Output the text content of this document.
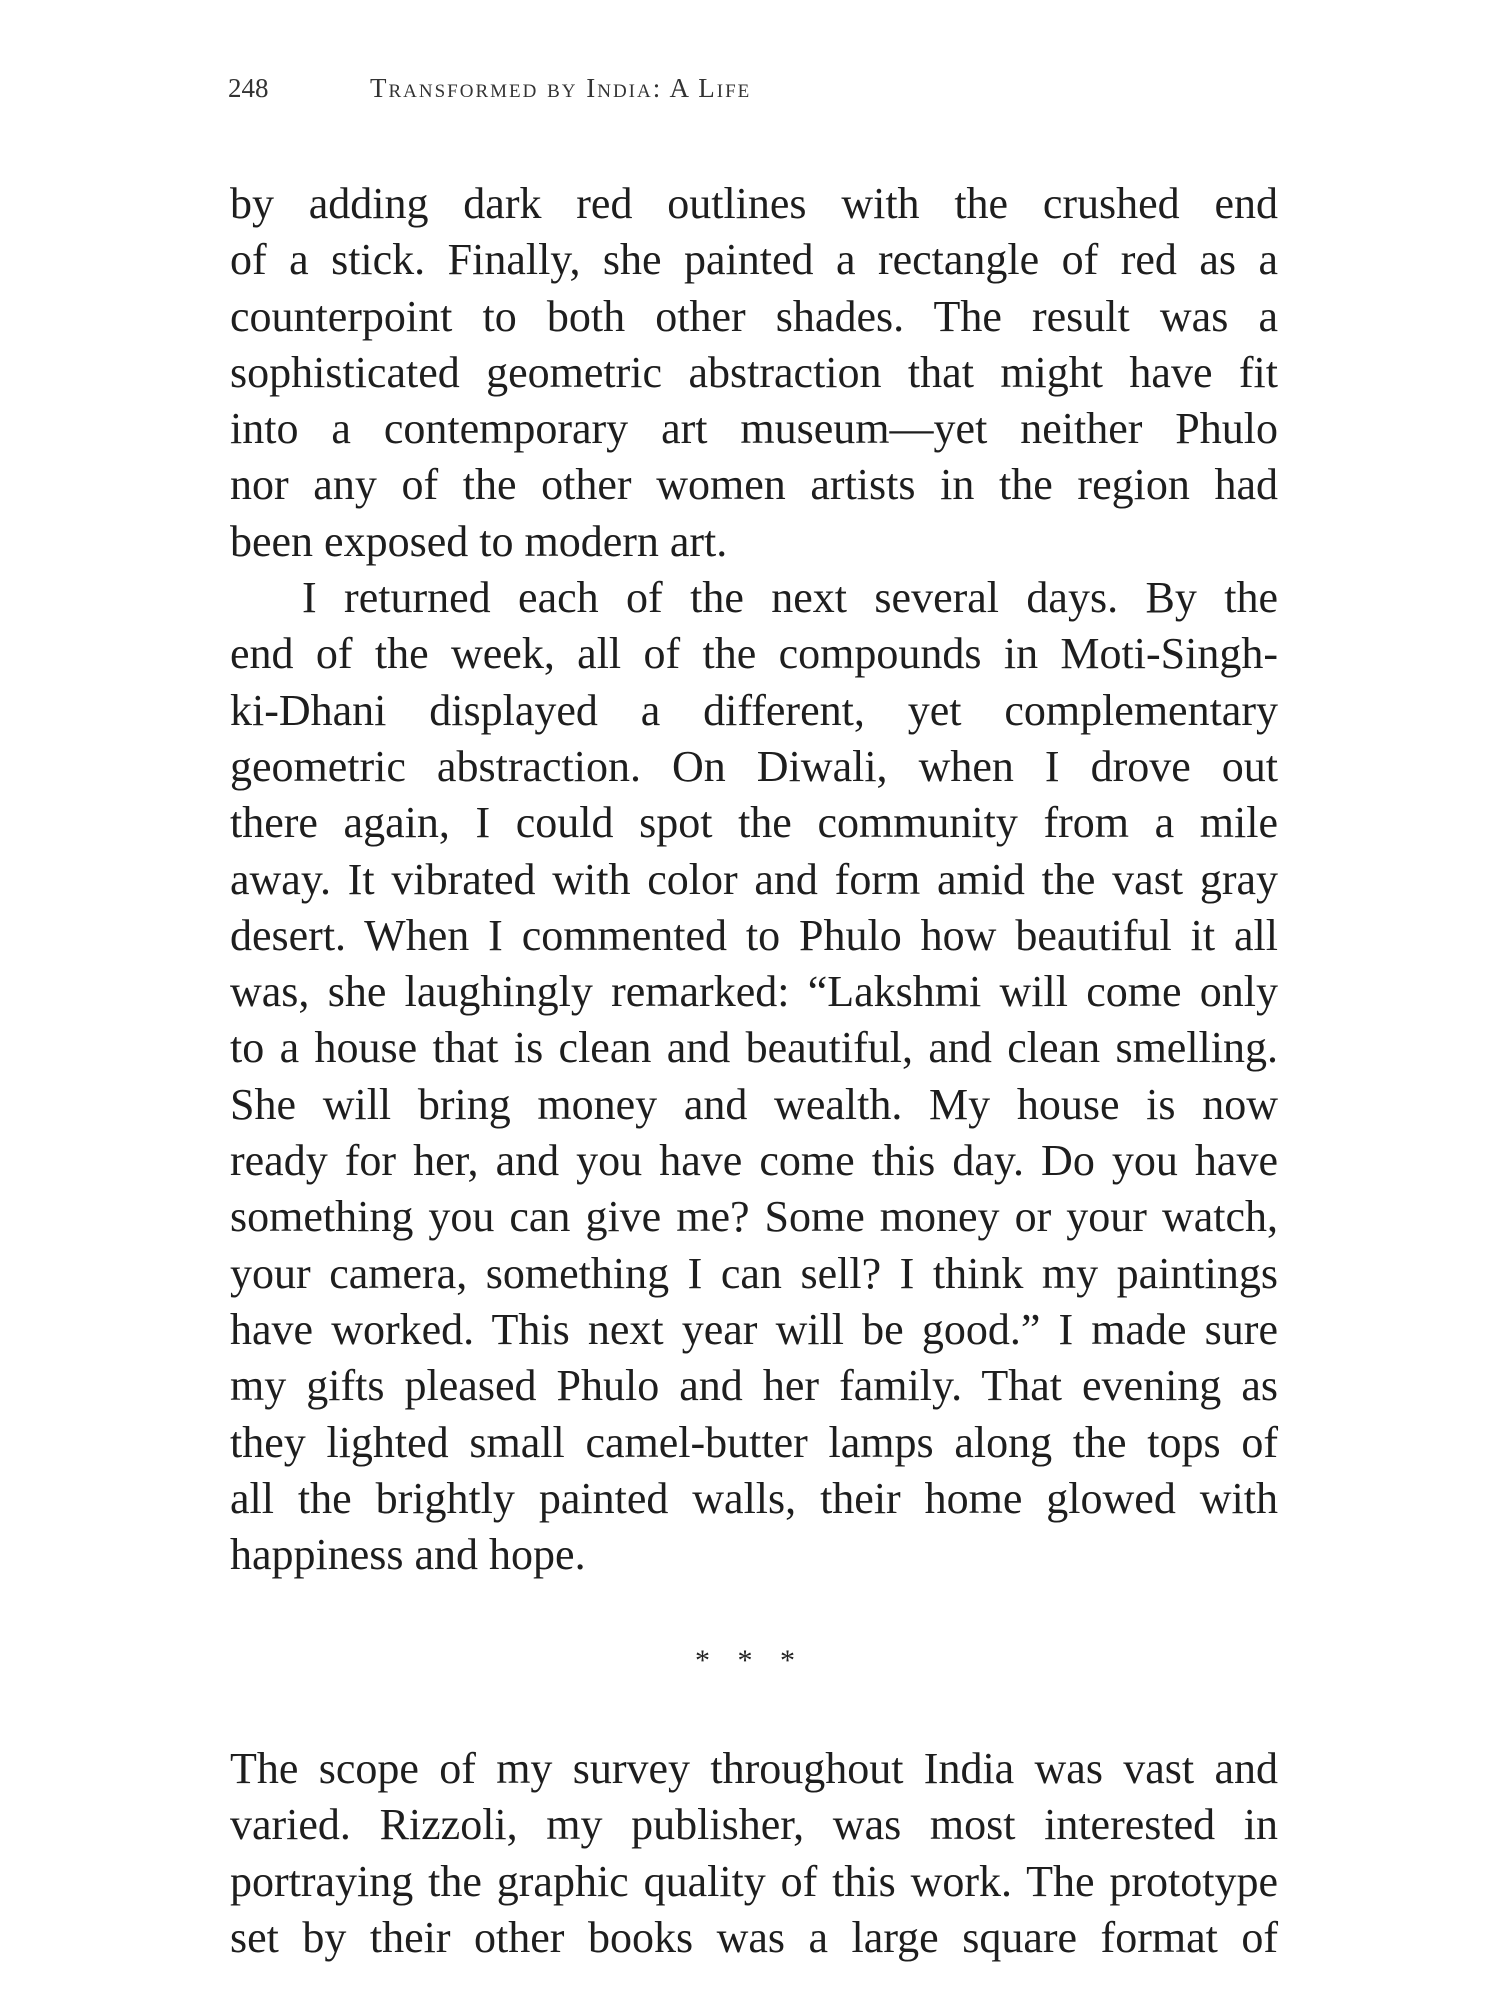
248	Transformed by India: A Life
by adding dark red outlines with the crushed end
of a stick. Finally, she painted a rectangle of red as a
counterpoint to both other shades. The result was a
sophisticated geometric abstraction that might have fit
into a contemporary art museum—yet neither Phulo
nor any of the other women artists in the region had
been exposed to modern art.
I returned each of the next several days. By the
end of the week, all of the compounds in Moti-Singh-
ki-Dhani displayed a different, yet complementary
geometric abstraction. On Diwali, when I drove out
there again, I could spot the community from a mile
away. It vibrated with color and form amid the vast gray
desert. When I commented to Phulo how beautiful it all
was, she laughingly remarked: “Lakshmi will come only
to a house that is clean and beautiful, and clean smelling.
She will bring money and wealth. My house is now
ready for her, and you have come this day. Do you have
something you can give me? Some money or your watch,
your camera, something I can sell? I think my paintings
have worked. This next year will be good.” I made sure
my gifts pleased Phulo and her family. That evening as
they lighted small camel-butter lamps along the tops of
all the brightly painted walls, their home glowed with
happiness and hope.
* * *
The scope of my survey throughout India was vast and
varied. Rizzoli, my publisher, was most interested in
portraying the graphic quality of this work. The prototype
set by their other books was a large square format of
